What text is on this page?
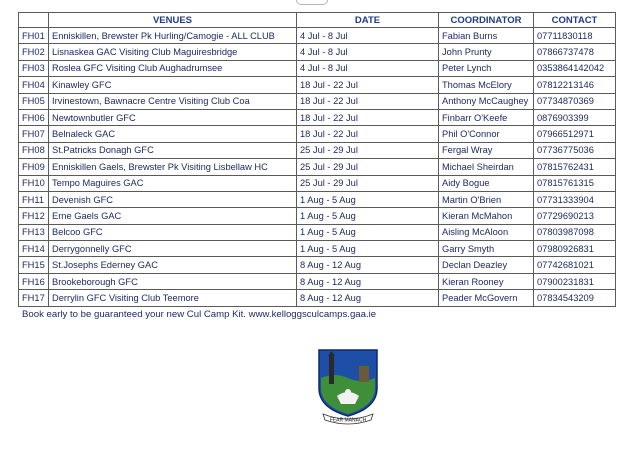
	VENUES	DATE	COORDINATOR	CONTACT
FH01	Enniskillen, Brewster Pk Hurling/Camogie - ALL CLUB	4 Jul - 8 Jul	Fabian Burns	07711830118
FH02	Lisnaskea GAC Visiting Club Maguiresbridge	4 Jul - 8 Jul	John Prunty	07866737478
FH03	Roslea GFC Visiting Club Aughadrumsee	4 Jul - 8 Jul	Peter Lynch	0353864142042
FH04	Kinawley GFC	18 Jul - 22 Jul	Thomas McElory	07812213146
FH05	Irvinestown, Bawnacre Centre Visiting Club Coa	18 Jul - 22 Jul	Anthony McCaughey	07734870369
FH06	Newtownbutler GFC	18 Jul - 22 Jul	Finbarr O'Keefe	0876903399
FH07	Belnaleck GAC	18 Jul - 22 Jul	Phil O'Connor	07966512971
FH08	St.Patricks Donagh GFC	25 Jul - 29 Jul	Fergal Wray	07736775036
FH09	Enniskillen Gaels, Brewster Pk Visiting Lisbellaw HC	25 Jul - 29 Jul	Michael Sheirdan	07815762431
FH10	Tempo Maguires GAC	25 Jul - 29 Jul	Aidy Bogue	07815761315
FH11	Devenish GFC	1 Aug - 5 Aug	Martin O'Brien	07731333904
FH12	Erne Gaels GAC	1 Aug - 5 Aug	Kieran McMahon	07729690213
FH13	Belcoo GFC	1 Aug - 5 Aug	Aisling McAloon	07803987098
FH14	Derrygonnelly GFC	1 Aug - 5 Aug	Garry Smyth	07980926831
FH15	St.Josephs Ederney GAC	8 Aug - 12 Aug	Declan Deazley	07742681021
FH16	Brookeborough GFC	8 Aug - 12 Aug	Kieran Rooney	07900231831
FH17	Derrylin GFC Visiting Club Teemore	8 Aug - 12 Aug	Peader McGovern	07834543209
Book early to be guaranteed your new Cul Camp Kit. www.kelloggsculcamps.gaa.ie
FEAR MANACH
